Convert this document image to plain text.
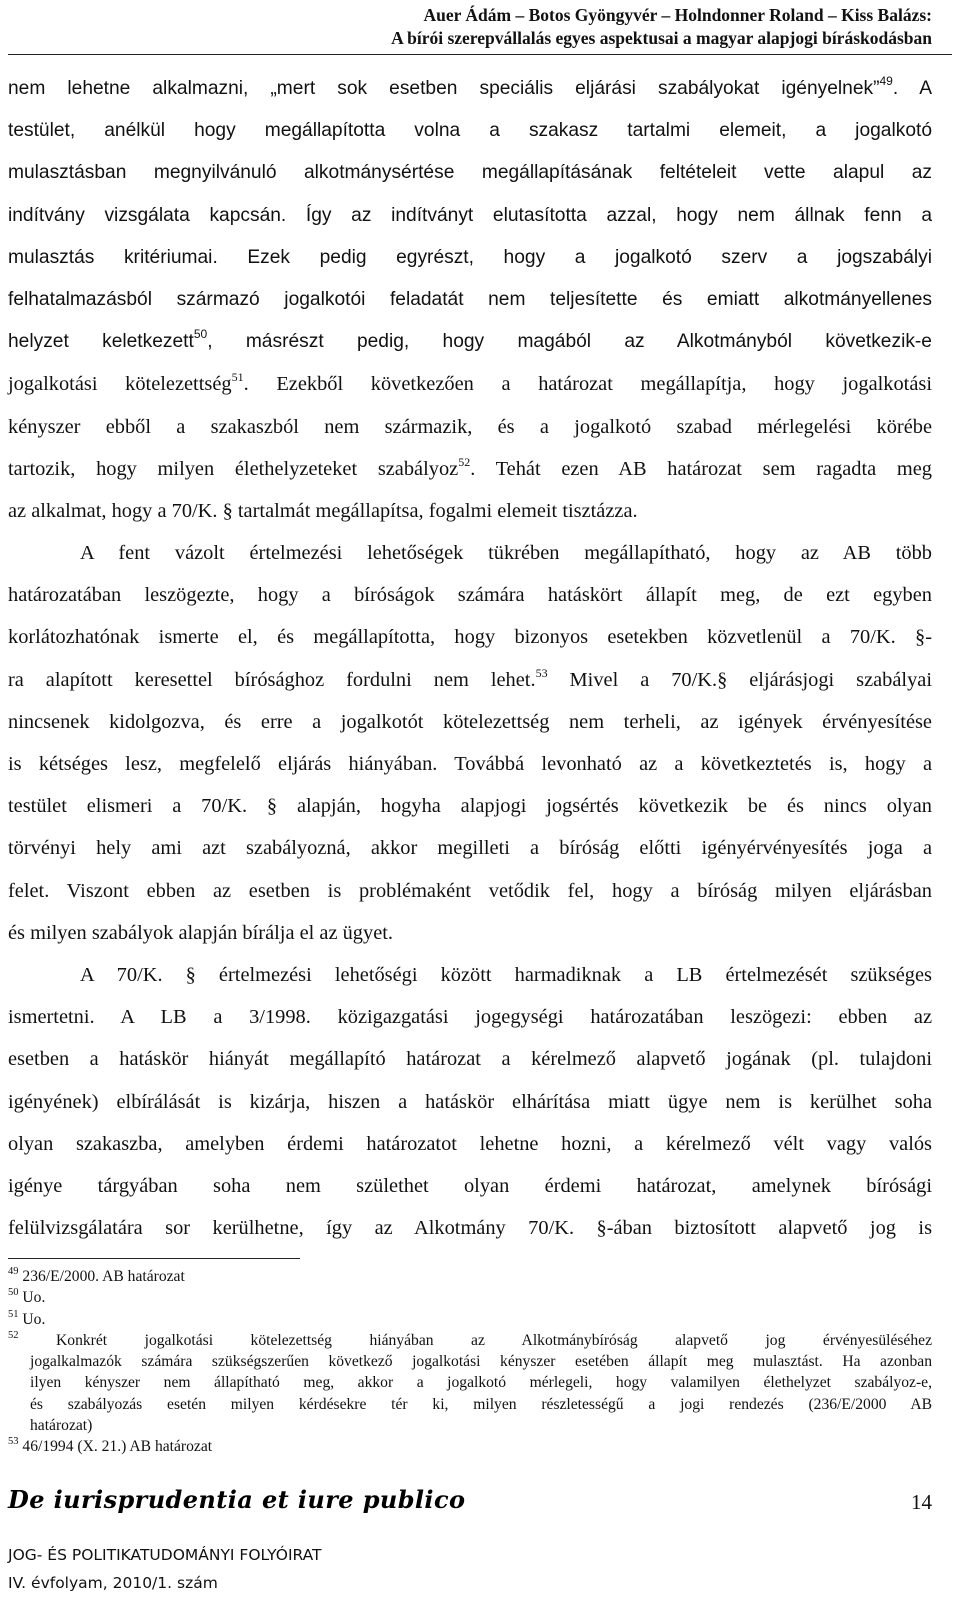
Auer Ádám – Botos Gyöngyvér – Holndonner Roland – Kiss Balázs:
A bírói szerepvállalás egyes aspektusai a magyar alapjogi bíráskodásban
nem lehetne alkalmazni, „mert sok esetben speciális eljárási szabályokat igényelnek”$^{49}$. A
testület, anélkül hogy megállapította volna a szakasz tartalmi elemeit, a jogalkotó
mulasztásban megnyilvánuló alkotmánysértése megállapításának feltételeit vette alapul az
indítvány vizsgálata kapcsán. Így az indítványt elutasította azzal, hogy nem állnak fenn a
mulasztás kritériumai. Ezek pedig egyrészt, hogy a jogalkotó szerv a jogszabályi
felhatalmazásból származó jogalkotói feladatát nem teljesítette és emiatt alkotmányellenes
helyzet keletkezett$^{50}$, másrészt pedig, hogy magából az Alkotmányból következik-e
jogalkotási kötelezettség$^{51}$. Ezekből következően a határozat megállapítja, hogy jogalkotási
kényszer ebből a szakaszból nem származik, és a jogalkotó szabad mérlegelési körébe
tartozik, hogy milyen élethelyzeteket szabályoz$^{52}$. Tehát ezen AB határozat sem ragadta meg
az alkalmat, hogy a 70/K. § tartalmát megállapítsa, fogalmi elemeit tisztázza.
A fent vázolt értelmezési lehetőségek tükrében megállapítható, hogy az AB több
határozatában leszögezte, hogy a bíróságok számára hatáskört állapít meg, de ezt egyben
korlátozhatónak ismerte el, és megállapította, hogy bizonyos esetekben közvetlenül a 70/K. §-
ra alapított keresettel bírósághoz fordulni nem lehet.$^{53}$ Mivel a 70/K.§ eljárásjogi szabályai
nincsenek kidolgozva, és erre a jogalkotót kötelezettség nem terheli, az igények érvényesítése
is kétséges lesz, megfelelő eljárás hiányában. Továbbá levonható az a következtetés is, hogy a
testület elismeri a 70/K. § alapján, hogyha alapjogi jogsértés következik be és nincs olyan
törvényi hely ami azt szabályozná, akkor megilleti a bíróság előtti igényérvényesítés joga a
felet. Viszont ebben az esetben is problémaként vetődik fel, hogy a bíróság milyen eljárásban
és milyen szabályok alapján bírálja el az ügyet.
A 70/K. § értelmezési lehetőségi között harmadiknak a LB értelmezését szükséges
ismertetni. A LB a 3/1998. közigazgatási jogegységi határozatában leszögezi: ebben az
esetben a hatáskör hiányát megállapító határozat a kérelmező alapvető jogának (pl. tulajdoni
igényének) elbírálását is kizárja, hiszen a hatáskör elhárítása miatt ügye nem is kerülhet soha
olyan szakaszba, amelyben érdemi határozatot lehetne hozni, a kérelmező vélt vagy valós
igénye tárgyában soha nem születhet olyan érdemi határozat, amelynek bírósági
felülvizsgálatára sor kerülhetne, így az Alkotmány 70/K. §-ában biztosított alapvető jog is
$^{49}$ 236/E/2000. AB határozat
$^{50}$ Uo.
$^{51}$ Uo.
$^{52}$ Konkrét jogalkotási kötelezettség hiányában az Alkotmánybíróság alapvető jog érvényesüléséhez
jogalkalmazók számára szükségszerűen következő jogalkotási kényszer esetében állapít meg mulasztást. Ha azonban
ilyen kényszer nem állapítható meg, akkor a jogalkotó mérlegeli, hogy valamilyen élethelyzet szabályoz-e,
és szabályozás esetén milyen kérdésekre tér ki, milyen részletességű a jogi rendezés (236/E/2000 AB
határozat)
$^{53}$ 46/1994 (X. 21.) AB határozat
De iurisprudentia et iure publico
JOG- ÉS POLITIKATUDOMÁNYI FOLYÓIRAT
IV. évfolyam, 2010/1. szám
14
